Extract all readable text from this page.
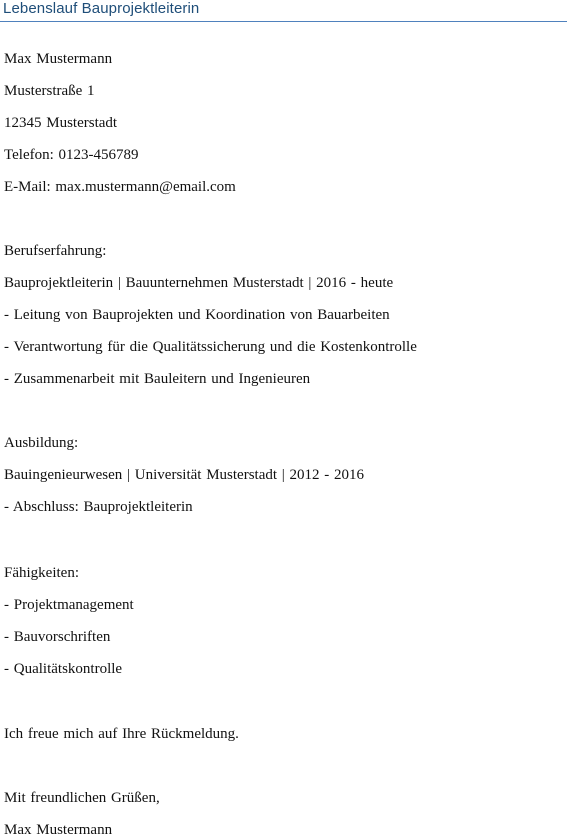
Lebenslauf Bauprojektleiterin
Max Mustermann
Musterstraße 1
12345 Musterstadt
Telefon: 0123-456789
E-Mail: max.mustermann@email.com
Berufserfahrung:
Bauprojektleiterin | Bauunternehmen Musterstadt | 2016 - heute
- Leitung von Bauprojekten und Koordination von Bauarbeiten
- Verantwortung für die Qualitätssicherung und die Kostenkontrolle
- Zusammenarbeit mit Bauleitern und Ingenieuren
Ausbildung:
Bauingenieurwesen | Universität Musterstadt | 2012 - 2016
- Abschluss: Bauprojektleiterin
Fähigkeiten:
- Projektmanagement
- Bauvorschriften
- Qualitätskontrolle
Ich freue mich auf Ihre Rückmeldung.
Mit freundlichen Grüßen,
Max Mustermann
